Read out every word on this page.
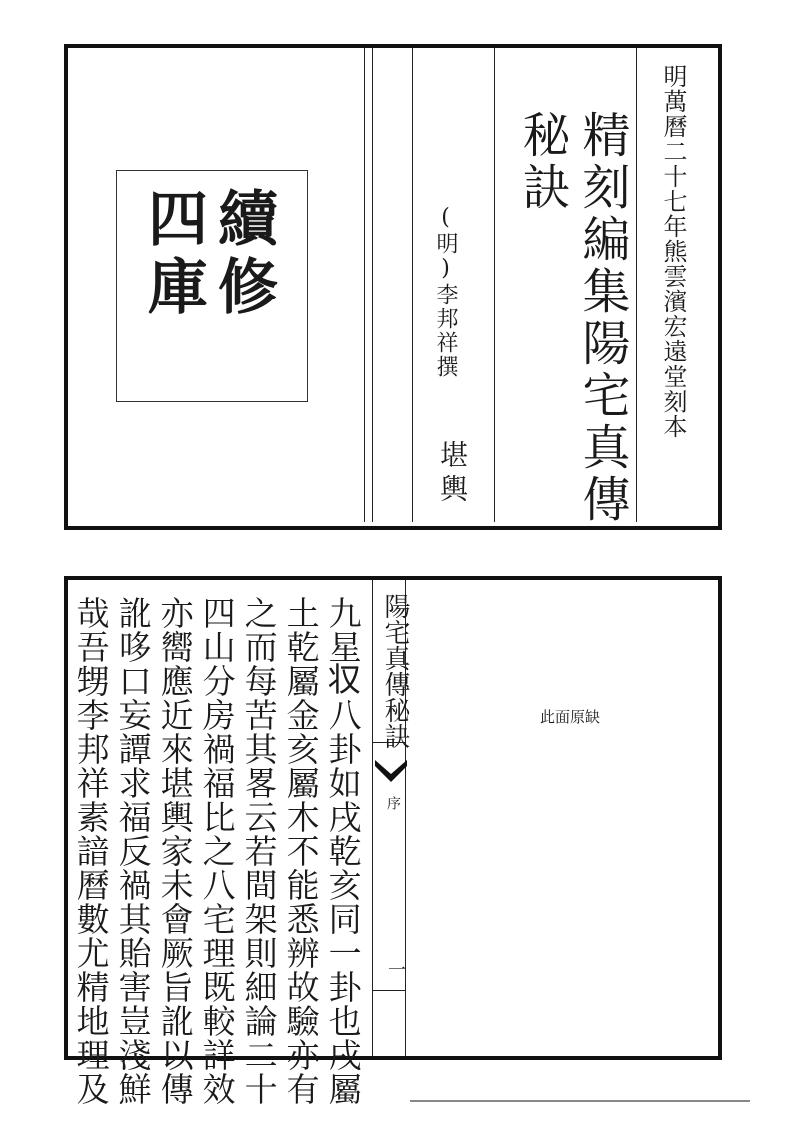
續修
四庫	明萬曆二十七年熊雲濱宏遠堂刻本
精刻編集陽宅真傳
秘訣
(明)李邦祥撰
堪輿
陽宅真傳秘訣
序
一
九星𠬧八卦如戌乾亥同一卦也戌屬
土乾屬金亥屬木不能悉辨故驗亦有
之而每苦其畧云若間架則細論二十
四山分房禍福比之八宅理既較詳效
亦嚮應近來堪輿家未會厥旨訛以傳
訛哆口妄譚求福反禍其貽害豈淺鮮
哉吾甥李邦祥素諳曆數尤精地理及	此面原缺
